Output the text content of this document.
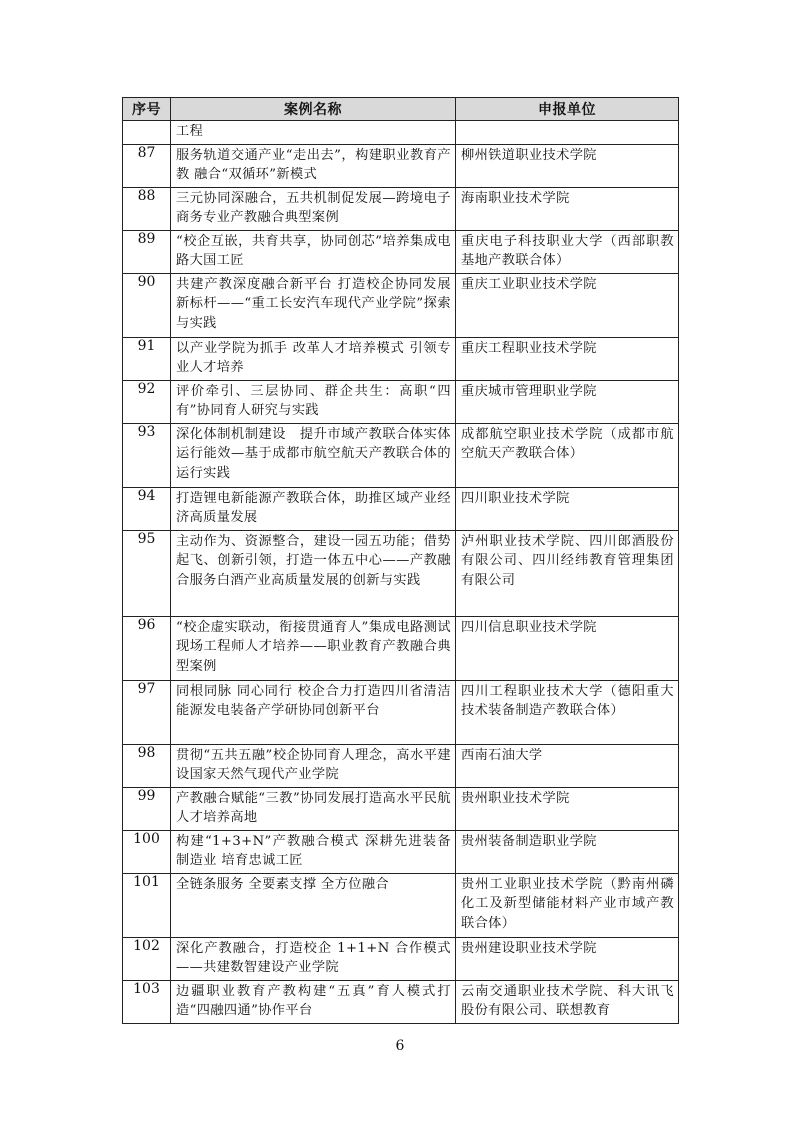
序号	案例名称	申报单位
	工程	
87	服务轨道交通产业“走出去”，构建职业教育产教 融合“双循环”新模式	柳州铁道职业技术学院
88	三元协同深融合，五共机制促发展—跨境电子商务专业产教融合典型案例	海南职业技术学院
89	“校企互嵌，共育共享，协同创芯”培养集成电路大国工匠	重庆电子科技职业大学（西部职教基地产教联合体）
90	共建产教深度融合新平台 打造校企协同发展新标杆——“重工长安汽车现代产业学院”探索与实践	重庆工业职业技术学院
91	以产业学院为抓手 改革人才培养模式 引领专业人才培养	重庆工程职业技术学院
92	评价牵引、三层协同、群企共生：高职“四有”协同育人研究与实践	重庆城市管理职业学院
93	深化体制机制建设　提升市域产教联合体实体运行能效—基于成都市航空航天产教联合体的运行实践	成都航空职业技术学院（成都市航空航天产教联合体）
94	打造锂电新能源产教联合体，助推区域产业经济高质量发展	四川职业技术学院
95	主动作为、资源整合，建设一园五功能；借势起飞、创新引领，打造一体五中心——产教融合服务白酒产业高质量发展的创新与实践	泸州职业技术学院、四川郎酒股份有限公司、四川经纬教育管理集团有限公司
96	“校企虚实联动，衔接贯通育人”集成电路测试现场工程师人才培养——职业教育产教融合典型案例	四川信息职业技术学院
97	同根同脉 同心同行 校企合力打造四川省清洁能源发电装备产学研协同创新平台	四川工程职业技术大学（德阳重大技术装备制造产教联合体）
98	贯彻“五共五融”校企协同育人理念，高水平建设国家天然气现代产业学院	西南石油大学
99	产教融合赋能“三教”协同发展打造高水平民航人才培养高地	贵州职业技术学院
100	构建“1+3+N”产教融合模式 深耕先进装备制造业 培育忠诚工匠	贵州装备制造职业学院
101	全链条服务 全要素支撑 全方位融合	贵州工业职业技术学院（黔南州磷化工及新型储能材料产业市域产教联合体）
102	深化产教融合，打造校企 1+1+N 合作模式——共建数智建设产业学院	贵州建设职业技术学院
103	边疆职业教育产教构建“五真”育人模式打造“四融四通”协作平台	云南交通职业技术学院、科大讯飞股份有限公司、联想教育
6
